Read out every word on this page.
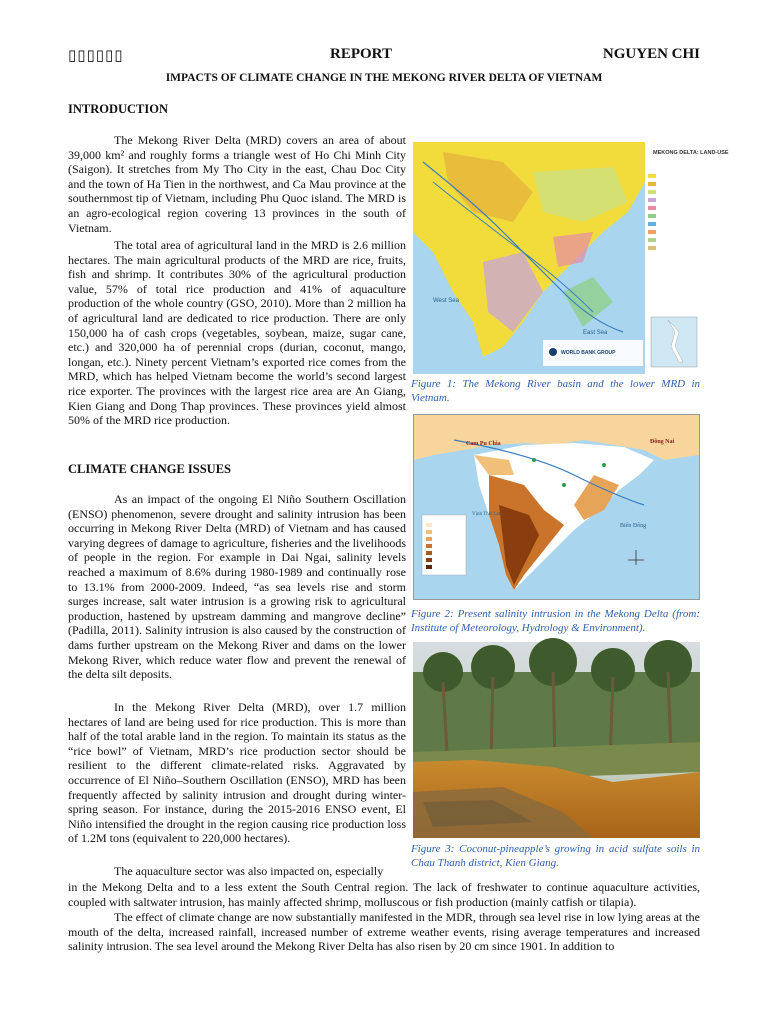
▯▯▯▯▯▯	REPORT	NGUYEN CHI
IMPACTS OF CLIMATE CHANGE IN THE MEKONG RIVER DELTA OF VIETNAM
INTRODUCTION

The Mekong River Delta (MRD) covers an area of about 39,000 km² and roughly forms a triangle west of Ho Chi Minh City (Saigon). It stretches from My Tho City in the east, Chau Doc City and the town of Ha Tien in the northwest, and Ca Mau province at the southernmost tip of Vietnam, including Phu Quoc island. The MRD is an agro-ecological region covering 13 provinces in the south of Vietnam.

The total area of agricultural land in the MRD is 2.6 million hectares. The main agricultural products of the MRD are rice, fruits, fish and shrimp. It contributes 30% of the agricultural production value, 57% of total rice production and 41% of aquaculture production of the whole country (GSO, 2010). More than 2 million ha of agricultural land are dedicated to rice production. There are only 150,000 ha of cash crops (vegetables, soybean, maize, sugar cane, etc.) and 320,000 ha of perennial crops (durian, coconut, mango, longan, etc.). Ninety percent Vietnam’s exported rice comes from the MRD, which has helped Vietnam become the world’s second largest rice exporter. The provinces with the largest rice area are An Giang, Kien Giang and Dong Thap provinces. These provinces yield almost 50% of the MRD rice production.

CLIMATE CHANGE ISSUES

As an impact of the ongoing El Niño Southern Oscillation (ENSO) phenomenon, severe drought and salinity intrusion has been occurring in Mekong River Delta (MRD) of Vietnam and has caused varying degrees of damage to agriculture, fisheries and the livelihoods of people in the region. For example in Dai Ngai, salinity levels reached a maximum of 8.6% during 1980-1989 and continually rose to 13.1% from 2000-2009. Indeed, “as sea levels rise and storm surges increase, salt water intrusion is a growing risk to agricultural production, hastened by upstream damming and mangrove decline” (Padilla, 2011). Salinity intrusion is also caused by the construction of dams further upstream on the Mekong River and dams on the lower Mekong River, which reduce water flow and prevent the renewal of the delta silt deposits.

In the Mekong River Delta (MRD), over 1.7 million hectares of land are being used for rice production. This is more than half of the total arable land in the region. To maintain its status as the “rice bowl” of Vietnam, MRD’s rice production sector should be resilient to the different climate-related risks. Aggravated by occurrence of El Niño–Southern Oscillation (ENSO), MRD has been frequently affected by salinity intrusion and drought during winter-spring season. For instance, during the 2015-2016 ENSO event, El Niño intensified the drought in the region causing rice production loss of 1.2M tons (equivalent to 220,000 hectares).

The aquaculture sector was also impacted on, especially

in the Mekong Delta and to a less extent the South Central region. The lack of freshwater to continue aquaculture activities, coupled with saltwater intrusion, has mainly affected shrimp, molluscous or fish production (mainly catfish or tilapia).

The effect of climate change are now substantially manifested in the MDR, through sea level rise in low lying areas at the mouth of the delta, increased rainfall, increased number of extreme weather events, rising average temperatures and increased salinity intrusion. The sea level around the Mekong River Delta has also risen by 20 cm since 1901. In addition to

MEKONG DELTA: LAND-USE
West Sea
East Sea
WORLD BANK GROUP
Figure 1: The Mekong River basin and the lower MRD in Vietnam.
Cam Pu Chia	Đồng Nai
Vịnh Thái Lan
Biển Đông
Figure 2: Present salinity intrusion in the Mekong Delta (from: Institute of Meteorology, Hydrology & Environment).
Figure 3: Coconut-pineapple’s growing in acid sulfate soils in Chau Thanh district, Kien Giang.
